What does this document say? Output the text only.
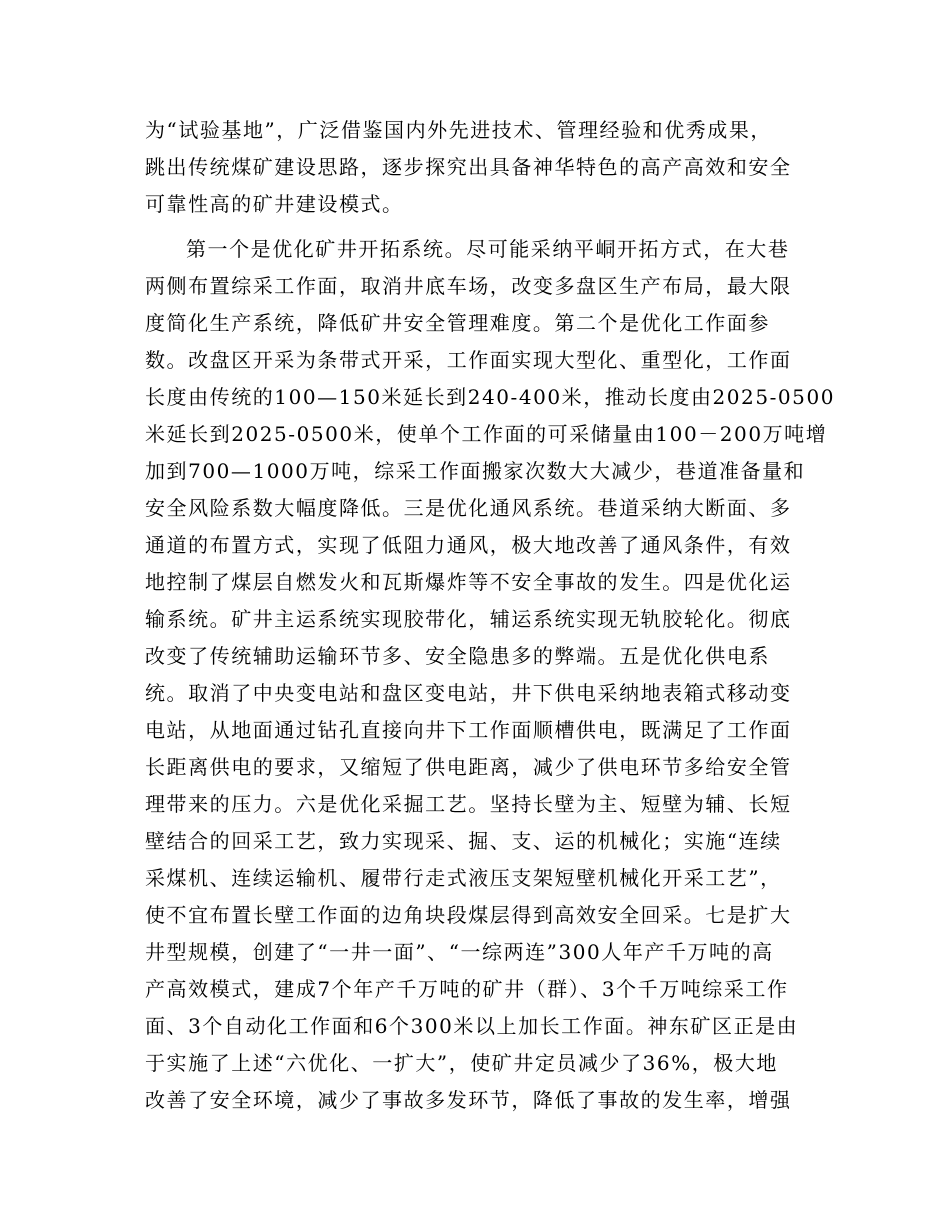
为“试验基地”，广泛借鉴国内外先进技术、管理经验和优秀成果，

跳出传统煤矿建设思路，逐步探究出具备神华特色的高产高效和安全

可靠性高的矿井建设模式。

第一个是优化矿井开拓系统。尽可能采纳平峒开拓方式，在大巷

两侧布置综采工作面，取消井底车场，改变多盘区生产布局，最大限

度简化生产系统，降低矿井安全管理难度。第二个是优化工作面参

数。改盘区开采为条带式开采，工作面实现大型化、重型化，工作面

长度由传统的100—150米延长到240-400米，推动长度由2025-0500

米延长到2025-0500米，使单个工作面的可采储量由100－200万吨增

加到700—1000万吨，综采工作面搬家次数大大减少，巷道准备量和

安全风险系数大幅度降低。三是优化通风系统。巷道采纳大断面、多

通道的布置方式，实现了低阻力通风，极大地改善了通风条件，有效

地控制了煤层自燃发火和瓦斯爆炸等不安全事故的发生。四是优化运

输系统。矿井主运系统实现胶带化，辅运系统实现无轨胶轮化。彻底

改变了传统辅助运输环节多、安全隐患多的弊端。五是优化供电系

统。取消了中央变电站和盘区变电站，井下供电采纳地表箱式移动变

电站，从地面通过钻孔直接向井下工作面顺槽供电，既满足了工作面

长距离供电的要求，又缩短了供电距离，减少了供电环节多给安全管

理带来的压力。六是优化采掘工艺。坚持长壁为主、短壁为辅、长短

壁结合的回采工艺，致力实现采、掘、支、运的机械化；实施“连续

采煤机、连续运输机、履带行走式液压支架短壁机械化开采工艺”，

使不宜布置长壁工作面的边角块段煤层得到高效安全回采。七是扩大

井型规模，创建了“一井一面”、“一综两连”300人年产千万吨的高

产高效模式，建成7个年产千万吨的矿井（群）、3个千万吨综采工作

面、3个自动化工作面和6个300米以上加长工作面。神东矿区正是由

于实施了上述“六优化、一扩大”，使矿井定员减少了36%，极大地

改善了安全环境，减少了事故多发环节，降低了事故的发生率，增强
